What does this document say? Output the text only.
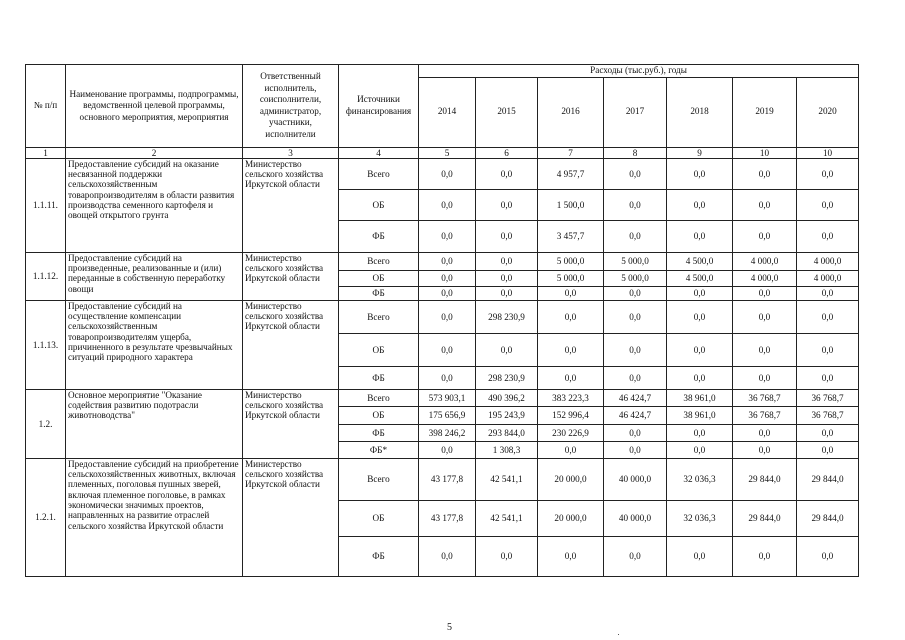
№ п/п	Наименование программы, подпрограммы, ведомственной целевой программы, основного мероприятия, мероприятия	Ответственный исполнитель, соисполнители, администратор, участники, исполнители	Источники финансирования	Расходы (тыс.руб.), годы						
				2014	2015	2016	2017	2018	2019	2020
1	2	3	4	5	6	7	8	9	10	10
1.1.11.	Предоставление субсидий на оказание несвязанной поддержки сельскохозяйственным товаропроизводителям в области развития производства семенного картофеля и овощей открытого грунта	Министерство сельского хозяйства Иркутской области	Всего	0,0	0,0	4 957,7	0,0	0,0	0,0	0,0
			ОБ	0,0	0,0	1 500,0	0,0	0,0	0,0	0,0
			ФБ	0,0	0,0	3 457,7	0,0	0,0	0,0	0,0
1.1.12.	Предоставление субсидий на произведенные, реализованные и (или) переданные в собственную переработку овощи	Министерство сельского хозяйства Иркутской области	Всего	0,0	0,0	5 000,0	5 000,0	4 500,0	4 000,0	4 000,0
			ОБ	0,0	0,0	5 000,0	5 000,0	4 500,0	4 000,0	4 000,0
			ФБ	0,0	0,0	0,0	0,0	0,0	0,0	0,0
1.1.13.	Предоставление субсидий на осуществление компенсации сельскохозяйственным товаропроизводителям ущерба, причиненного в результате чрезвычайных ситуаций природного характера	Министерство сельского хозяйства Иркутской области	Всего	0,0	298 230,9	0,0	0,0	0,0	0,0	0,0
			ОБ	0,0	0,0	0,0	0,0	0,0	0,0	0,0
			ФБ	0,0	298 230,9	0,0	0,0	0,0	0,0	0,0
1.2.	Основное мероприятие "Оказание содействия развитию подотрасли животноводства"	Министерство сельского хозяйства Иркутской области	Всего	573 903,1	490 396,2	383 223,3	46 424,7	38 961,0	36 768,7	36 768,7
			ОБ	175 656,9	195 243,9	152 996,4	46 424,7	38 961,0	36 768,7	36 768,7
			ФБ	398 246,2	293 844,0	230 226,9	0,0	0,0	0,0	0,0
			ФБ*	0,0	1 308,3	0,0	0,0	0,0	0,0	0,0
1.2.1.	Предоставление субсидий на приобретение сельскохозяйственных животных, включая племенных, поголовья пушных зверей, включая племенное поголовье, в рамках экономически значимых проектов, направленных на развитие отраслей сельского хозяйства Иркутской области	Министерство сельского хозяйства Иркутской области	Всего	43 177,8	42 541,1	20 000,0	40 000,0	32 036,3	29 844,0	29 844,0
			ОБ	43 177,8	42 541,1	20 000,0	40 000,0	32 036,3	29 844,0	29 844,0
			ФБ	0,0	0,0	0,0	0,0	0,0	0,0	0,0
5
